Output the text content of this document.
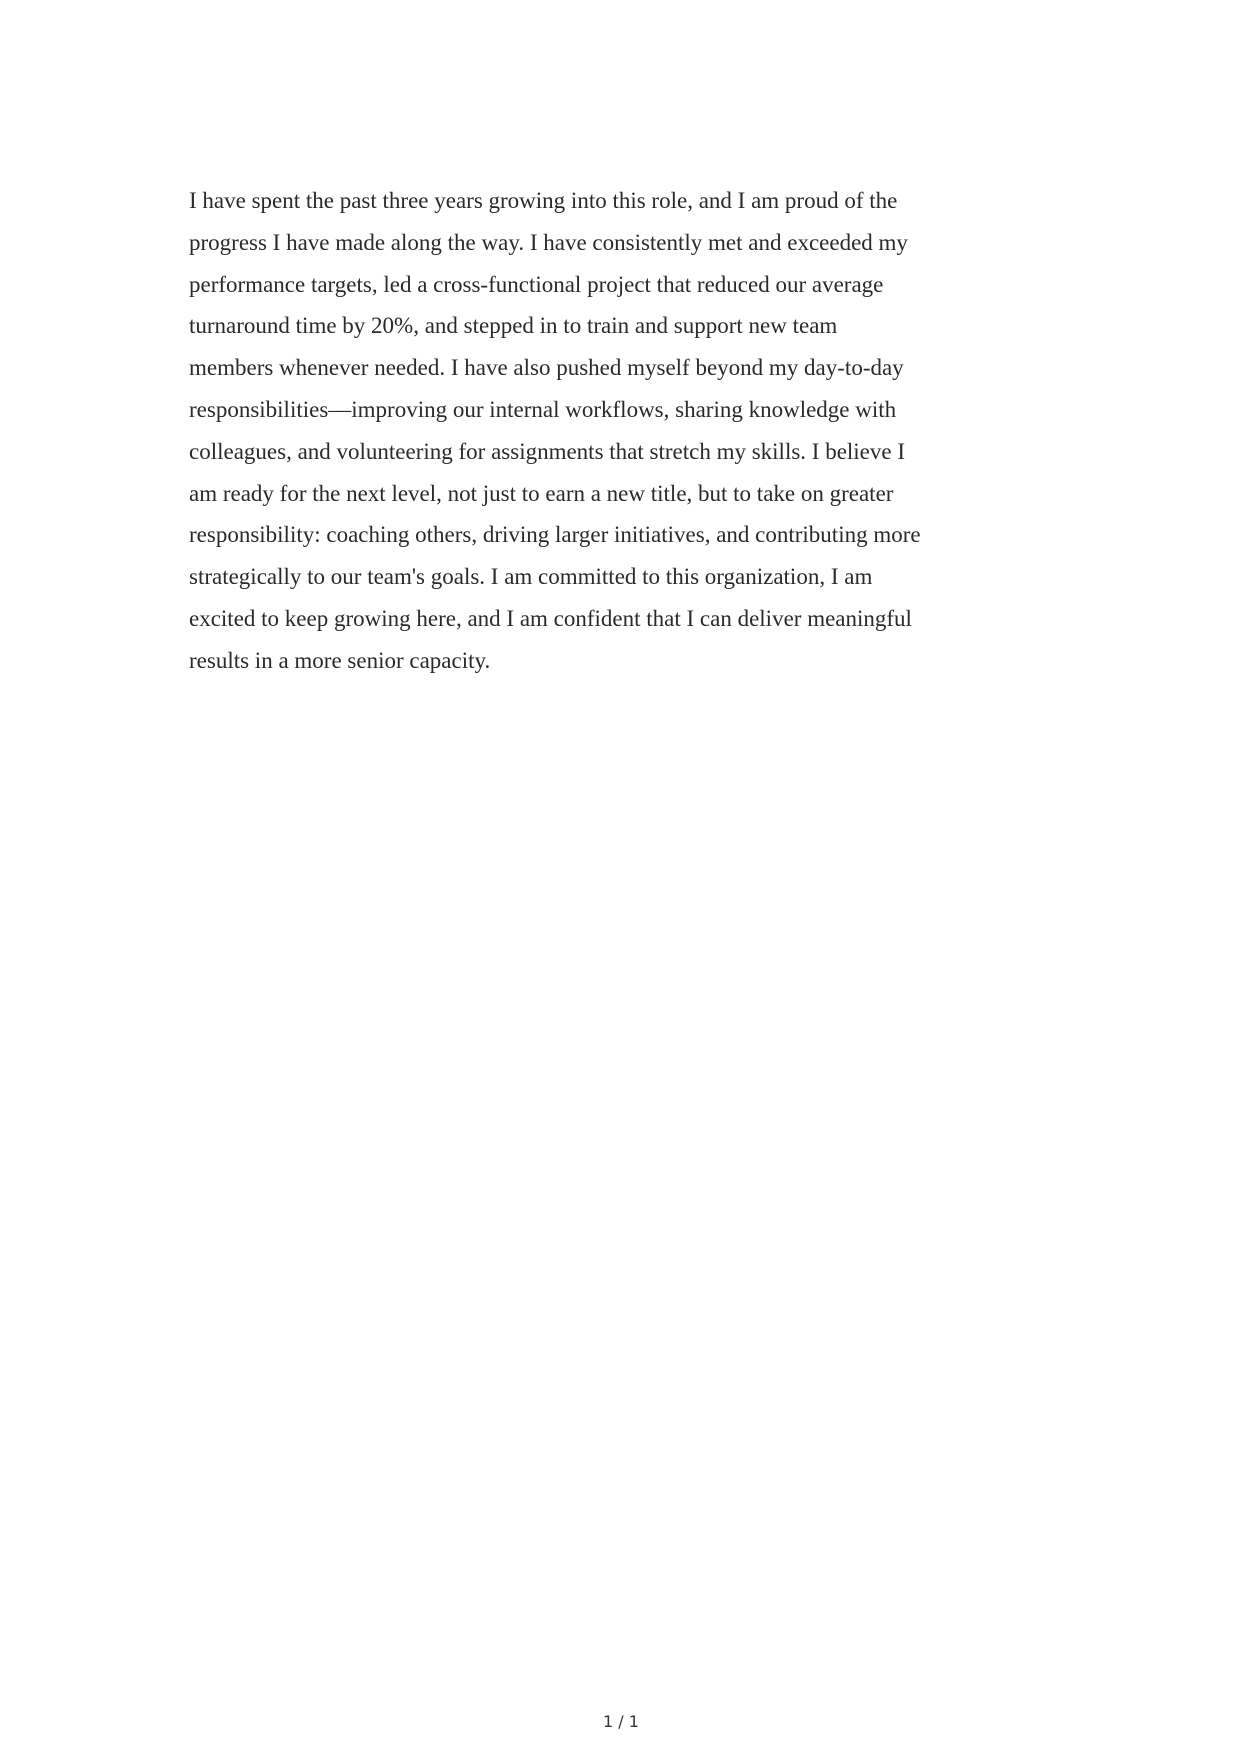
I have spent the past three years growing into this role, and I am proud of the
progress I have made along the way. I have consistently met and exceeded my
performance targets, led a cross-functional project that reduced our average
turnaround time by 20%, and stepped in to train and support new team
members whenever needed. I have also pushed myself beyond my day-to-day
responsibilities—improving our internal workflows, sharing knowledge with
colleagues, and volunteering for assignments that stretch my skills. I believe I
am ready for the next level, not just to earn a new title, but to take on greater
responsibility: coaching others, driving larger initiatives, and contributing more
strategically to our team's goals. I am committed to this organization, I am
excited to keep growing here, and I am confident that I can deliver meaningful
results in a more senior capacity.

1 / 1
